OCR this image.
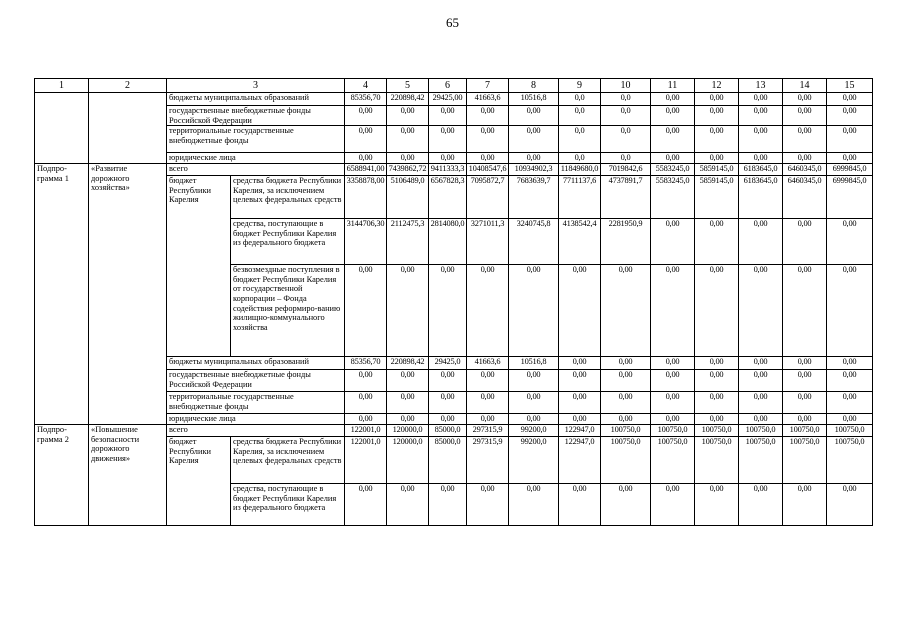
65
1	2	3		4	5	6	7	8	9	10	11	12	13	14	15
		бюджеты муниципальных образований		85356,70	220898,42	29425,00	41663,6	10516,8	0,0	0,0	0,00	0,00	0,00	0,00	0,00
		государственные внебюджетные фонды Российской Федерации		0,00	0,00	0,00	0,00	0,00	0,0	0,0	0,00	0,00	0,00	0,00	0,00
		территориальные государственные внебюджетные фонды		0,00	0,00	0,00	0,00	0,00	0,0	0,0	0,00	0,00	0,00	0,00	0,00
		юридические лица		0,00	0,00	0,00	0,00	0,00	0,0	0,0	0,00	0,00	0,00	0,00	0,00
Подпро-грамма 1	«Развитие дорожного хозяйства»	всего		6588941,00	7439862,72	9411333,3	10408547,6	10934902,3	11849680,0	7019842,6	5583245,0	5859145,0	6183645,0	6460345,0	6999845,0
		бюджет Республики Карелия	средства бюджета Республики Карелия, за исключением целевых федеральных средств	3358878,00	5106489,0	6567828,3	7095872,7	7683639,7	7711137,6	4737891,7	5583245,0	5859145,0	6183645,0	6460345,0	6999845,0
			средства, поступающие в бюджет Республики Карелия из федерального бюджета	3144706,30	2112475,3	2814080,0	3271011,3	3240745,8	4138542,4	2281950,9	0,00	0,00	0,00	0,00	0,00
			безвозмездные поступления в бюджет Республики Карелия от государственной корпорации – Фонда содействия реформиро-ванию жилищно-коммунального хозяйства	0,00	0,00	0,00	0,00	0,00	0,00	0,00	0,00	0,00	0,00	0,00	0,00
		бюджеты муниципальных образований		85356,70	220898,42	29425,0	41663,6	10516,8	0,00	0,00	0,00	0,00	0,00	0,00	0,00
		государственные внебюджетные фонды Российской Федерации		0,00	0,00	0,00	0,00	0,00	0,00	0,00	0,00	0,00	0,00	0,00	0,00
		территориальные государственные внебюджетные фонды		0,00	0,00	0,00	0,00	0,00	0,00	0,00	0,00	0,00	0,00	0,00	0,00
		юридические лица		0,00	0,00	0,00	0,00	0,00	0,00	0,00	0,00	0,00	0,00	0,00	0,00
Подпро-грамма 2	«Повышение безопасности дорожного движения»	всего		122001,0	120000,0	85000,0	297315,9	99200,0	122947,0	100750,0	100750,0	100750,0	100750,0	100750,0	100750,0
		бюджет Республики Карелия	средства бюджета Республики Карелия, за исключением целевых федеральных средств	122001,0	120000,0	85000,0	297315,9	99200,0	122947,0	100750,0	100750,0	100750,0	100750,0	100750,0	100750,0
			средства, поступающие в бюджет Республики Карелия из федерального бюджета	0,00	0,00	0,00	0,00	0,00	0,00	0,00	0,00	0,00	0,00	0,00	0,00
